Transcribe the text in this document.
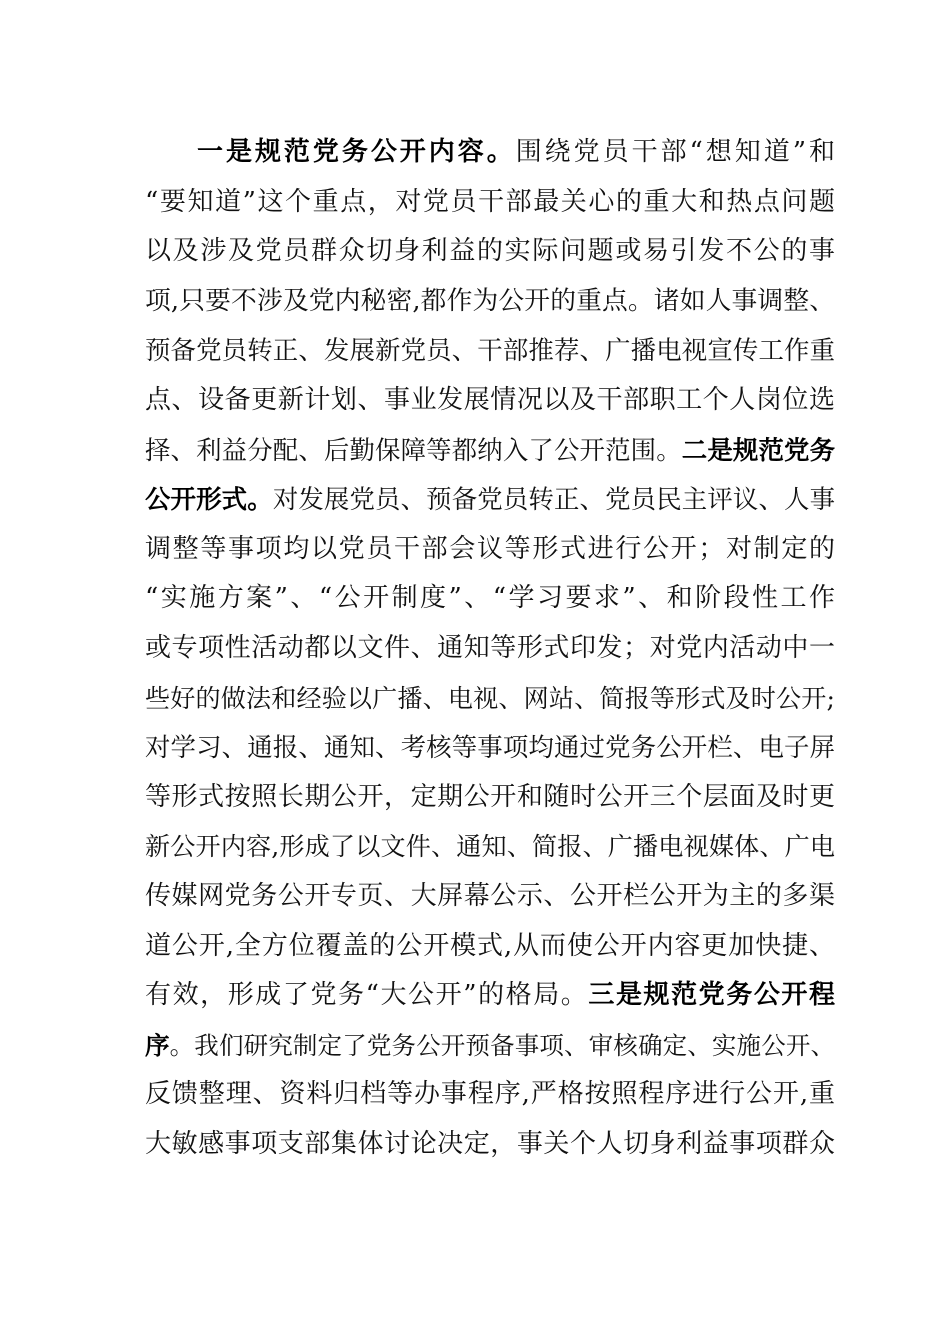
一是规范党务公开内容。围绕党员干部“想知道”和
“要知道”这个重点，对党员干部最关心的重大和热点问题
以及涉及党员群众切身利益的实际问题或易引发不公的事
项,只要不涉及党内秘密,都作为公开的重点。诸如人事调整、
预备党员转正、发展新党员、干部推荐、广播电视宣传工作重
点、设备更新计划、事业发展情况以及干部职工个人岗位选
择、利益分配、后勤保障等都纳入了公开范围。二是规范党务
公开形式。对发展党员、预备党员转正、党员民主评议、人事
调整等事项均以党员干部会议等形式进行公开；对制定的
“实施方案”、“公开制度”、“学习要求”、和阶段性工作
或专项性活动都以文件、通知等形式印发；对党内活动中一
些好的做法和经验以广播、电视、网站、简报等形式及时公开;
对学习、通报、通知、考核等事项均通过党务公开栏、电子屏
等形式按照长期公开，定期公开和随时公开三个层面及时更
新公开内容,形成了以文件、通知、简报、广播电视媒体、广电
传媒网党务公开专页、大屏幕公示、公开栏公开为主的多渠
道公开,全方位覆盖的公开模式,从而使公开内容更加快捷、
有效，形成了党务“大公开”的格局。三是规范党务公开程
序。我们研究制定了党务公开预备事项、审核确定、实施公开、
反馈整理、资料归档等办事程序,严格按照程序进行公开,重
大敏感事项支部集体讨论决定，事关个人切身利益事项群众
